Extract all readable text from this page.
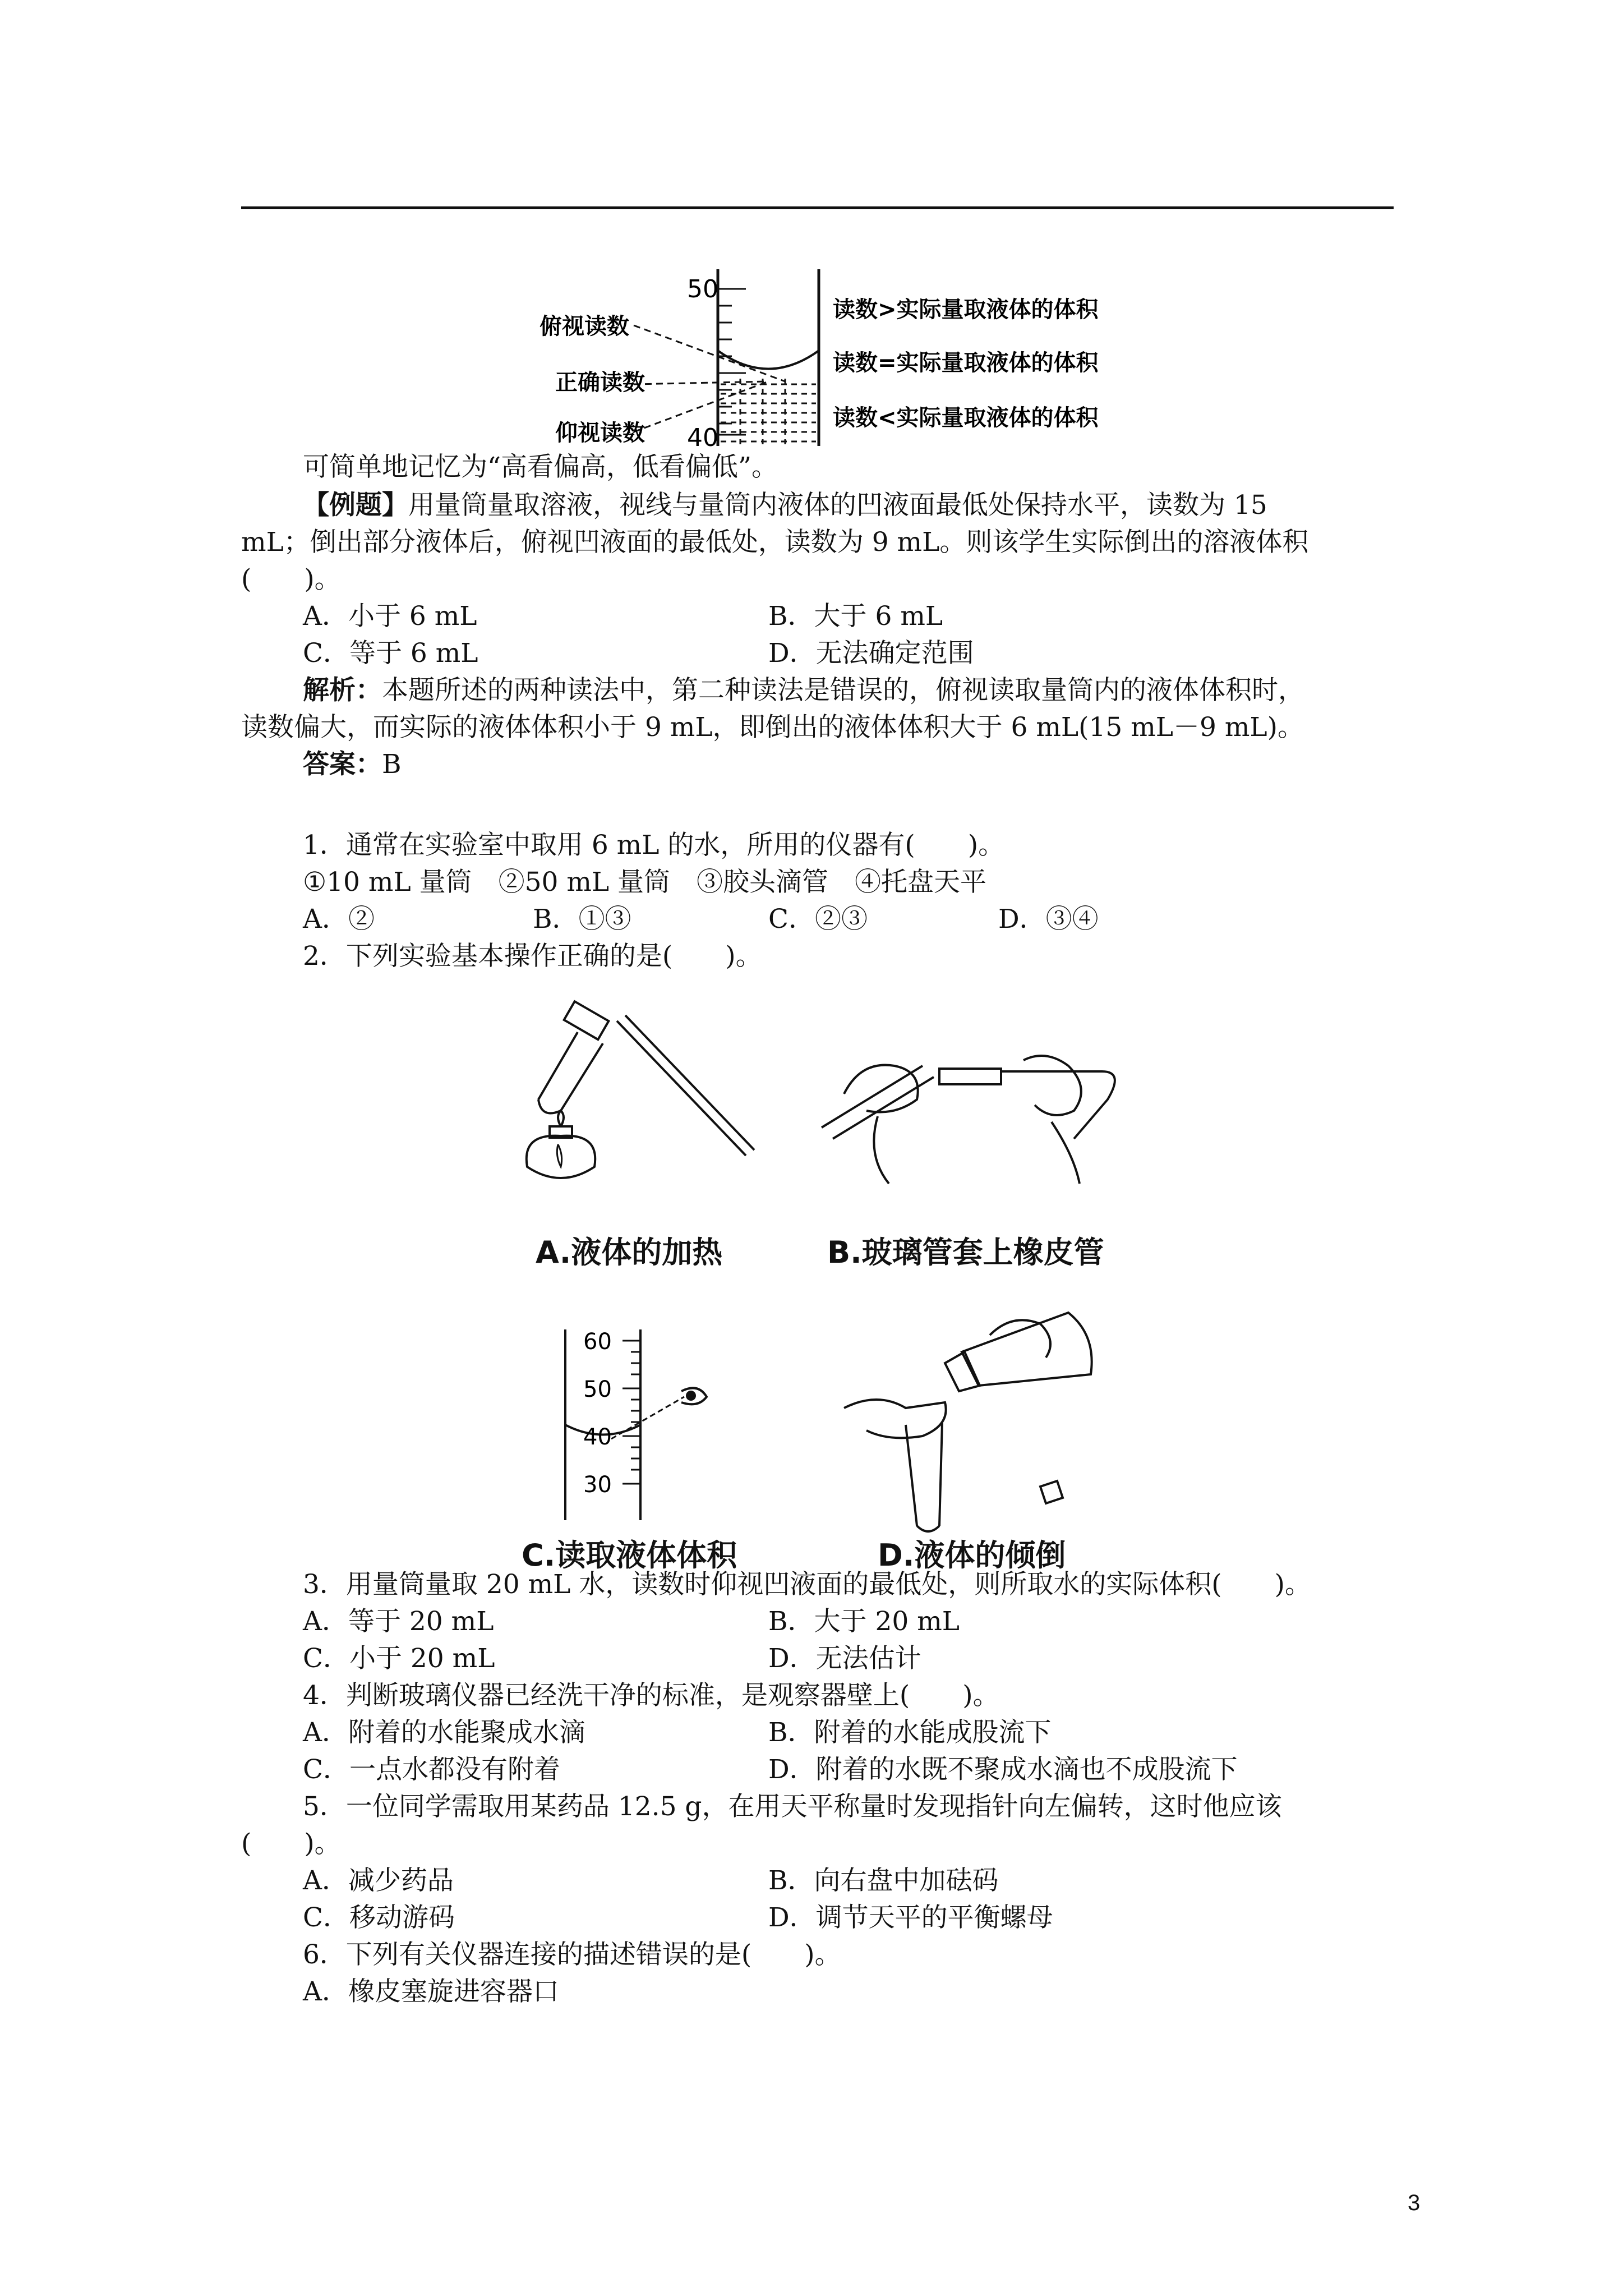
50
40
俯视读数
正确读数
仰视读数
读数>实际量取液体的体积
读数=实际量取液体的体积
读数<实际量取液体的体积
可简单地记忆为“高看偏高，低看偏低”。
【例题】用量筒量取溶液，视线与量筒内液体的凹液面最低处保持水平，读数为 15
mL；倒出部分液体后，俯视凹液面的最低处，读数为 9 mL。则该学生实际倒出的溶液体积
(　　)。
A．小于 6 mL	B．大于 6 mL
C．等于 6 mL	D．无法确定范围
解析：本题所述的两种读法中，第二种读法是错误的，俯视读取量筒内的液体体积时，
读数偏大，而实际的液体体积小于 9 mL，即倒出的液体体积大于 6 mL(15 mL－9 mL)。
答案：B
1．通常在实验室中取用 6 mL 的水，所用的仪器有(　　)。
①10 mL 量筒　②50 mL 量筒　③胶头滴管　④托盘天平
A．②	B．①③	C．②③	D．③④
2．下列实验基本操作正确的是(　　)。
A.液体的加热	B.玻璃管套上橡皮管
60
50
40
30
C.读取液体体积	D.液体的倾倒
3．用量筒量取 20 mL 水，读数时仰视凹液面的最低处，则所取水的实际体积(　　)。
A．等于 20 mL	B．大于 20 mL
C．小于 20 mL	D．无法估计
4．判断玻璃仪器已经洗干净的标准，是观察器壁上(　　)。
A．附着的水能聚成水滴	B．附着的水能成股流下
C．一点水都没有附着	D．附着的水既不聚成水滴也不成股流下
5．一位同学需取用某药品 12.5 g，在用天平称量时发现指针向左偏转，这时他应该
(　　)。
A．减少药品	B．向右盘中加砝码
C．移动游码	D．调节天平的平衡螺母
6．下列有关仪器连接的描述错误的是(　　)。
A．橡皮塞旋进容器口
3
